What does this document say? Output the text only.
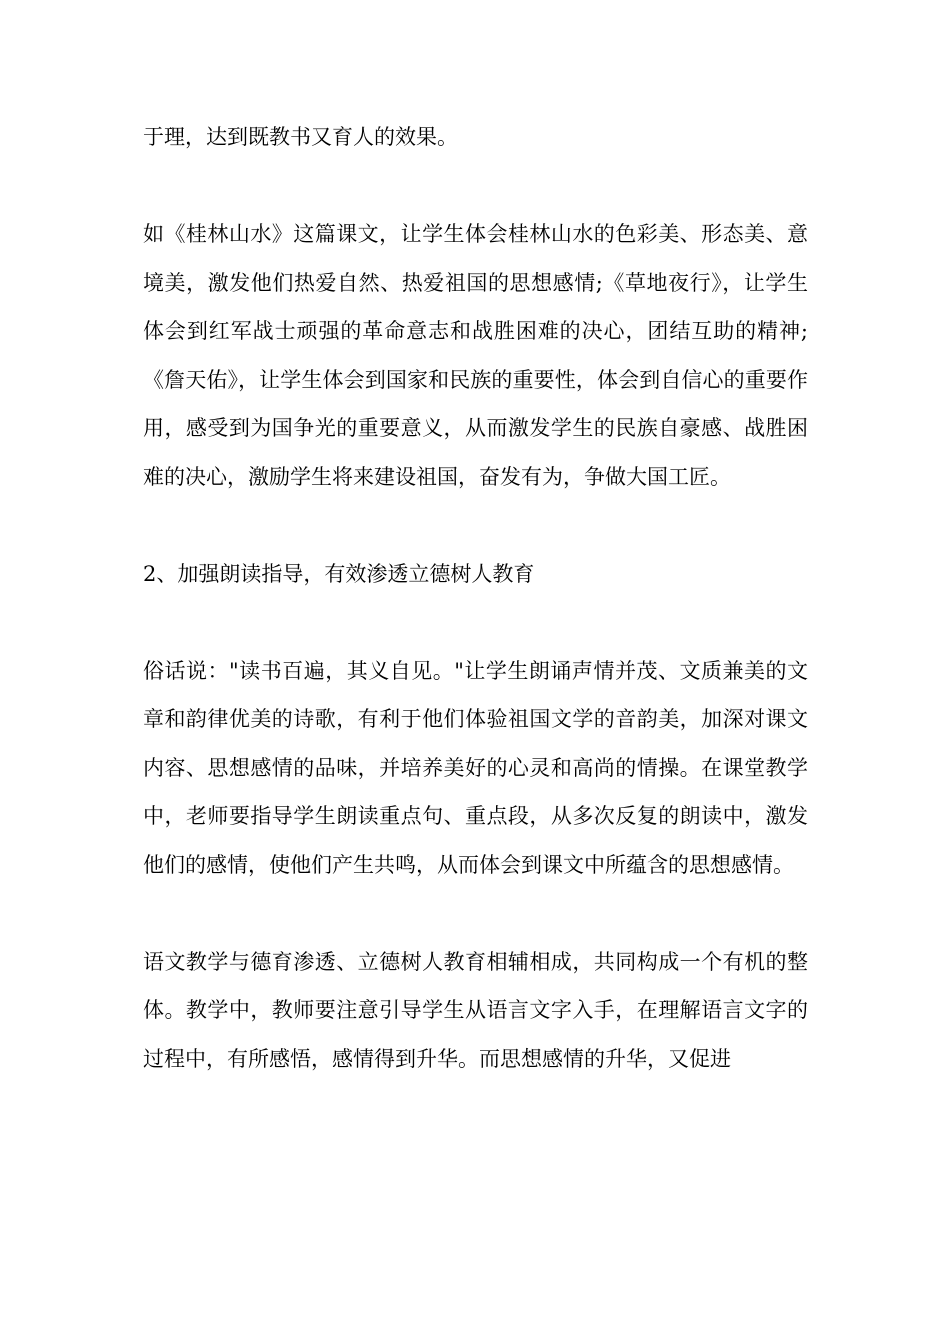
于理，达到既教书又育人的效果。

如《桂林山水》这篇课文，让学生体会桂林山水的色彩美、形态美、意境美，激发他们热爱自然、热爱祖国的思想感情;《草地夜行》，让学生体会到红军战士顽强的革命意志和战胜困难的决心，团结互助的精神;《詹天佑》，让学生体会到国家和民族的重要性，体会到自信心的重要作用，感受到为国争光的重要意义，从而激发学生的民族自豪感、战胜困难的决心，激励学生将来建设祖国，奋发有为，争做大国工匠。

2、加强朗读指导，有效渗透立德树人教育

俗话说："读书百遍，其义自见。"让学生朗诵声情并茂、文质兼美的文章和韵律优美的诗歌，有利于他们体验祖国文学的音韵美，加深对课文内容、思想感情的品味，并培养美好的心灵和高尚的情操。在课堂教学中，老师要指导学生朗读重点句、重点段，从多次反复的朗读中，激发他们的感情，使他们产生共鸣，从而体会到课文中所蕴含的思想感情。

语文教学与德育渗透、立德树人教育相辅相成，共同构成一个有机的整体。教学中，教师要注意引导学生从语言文字入手，在理解语言文字的过程中，有所感悟，感情得到升华。而思想感情的升华，又促进
